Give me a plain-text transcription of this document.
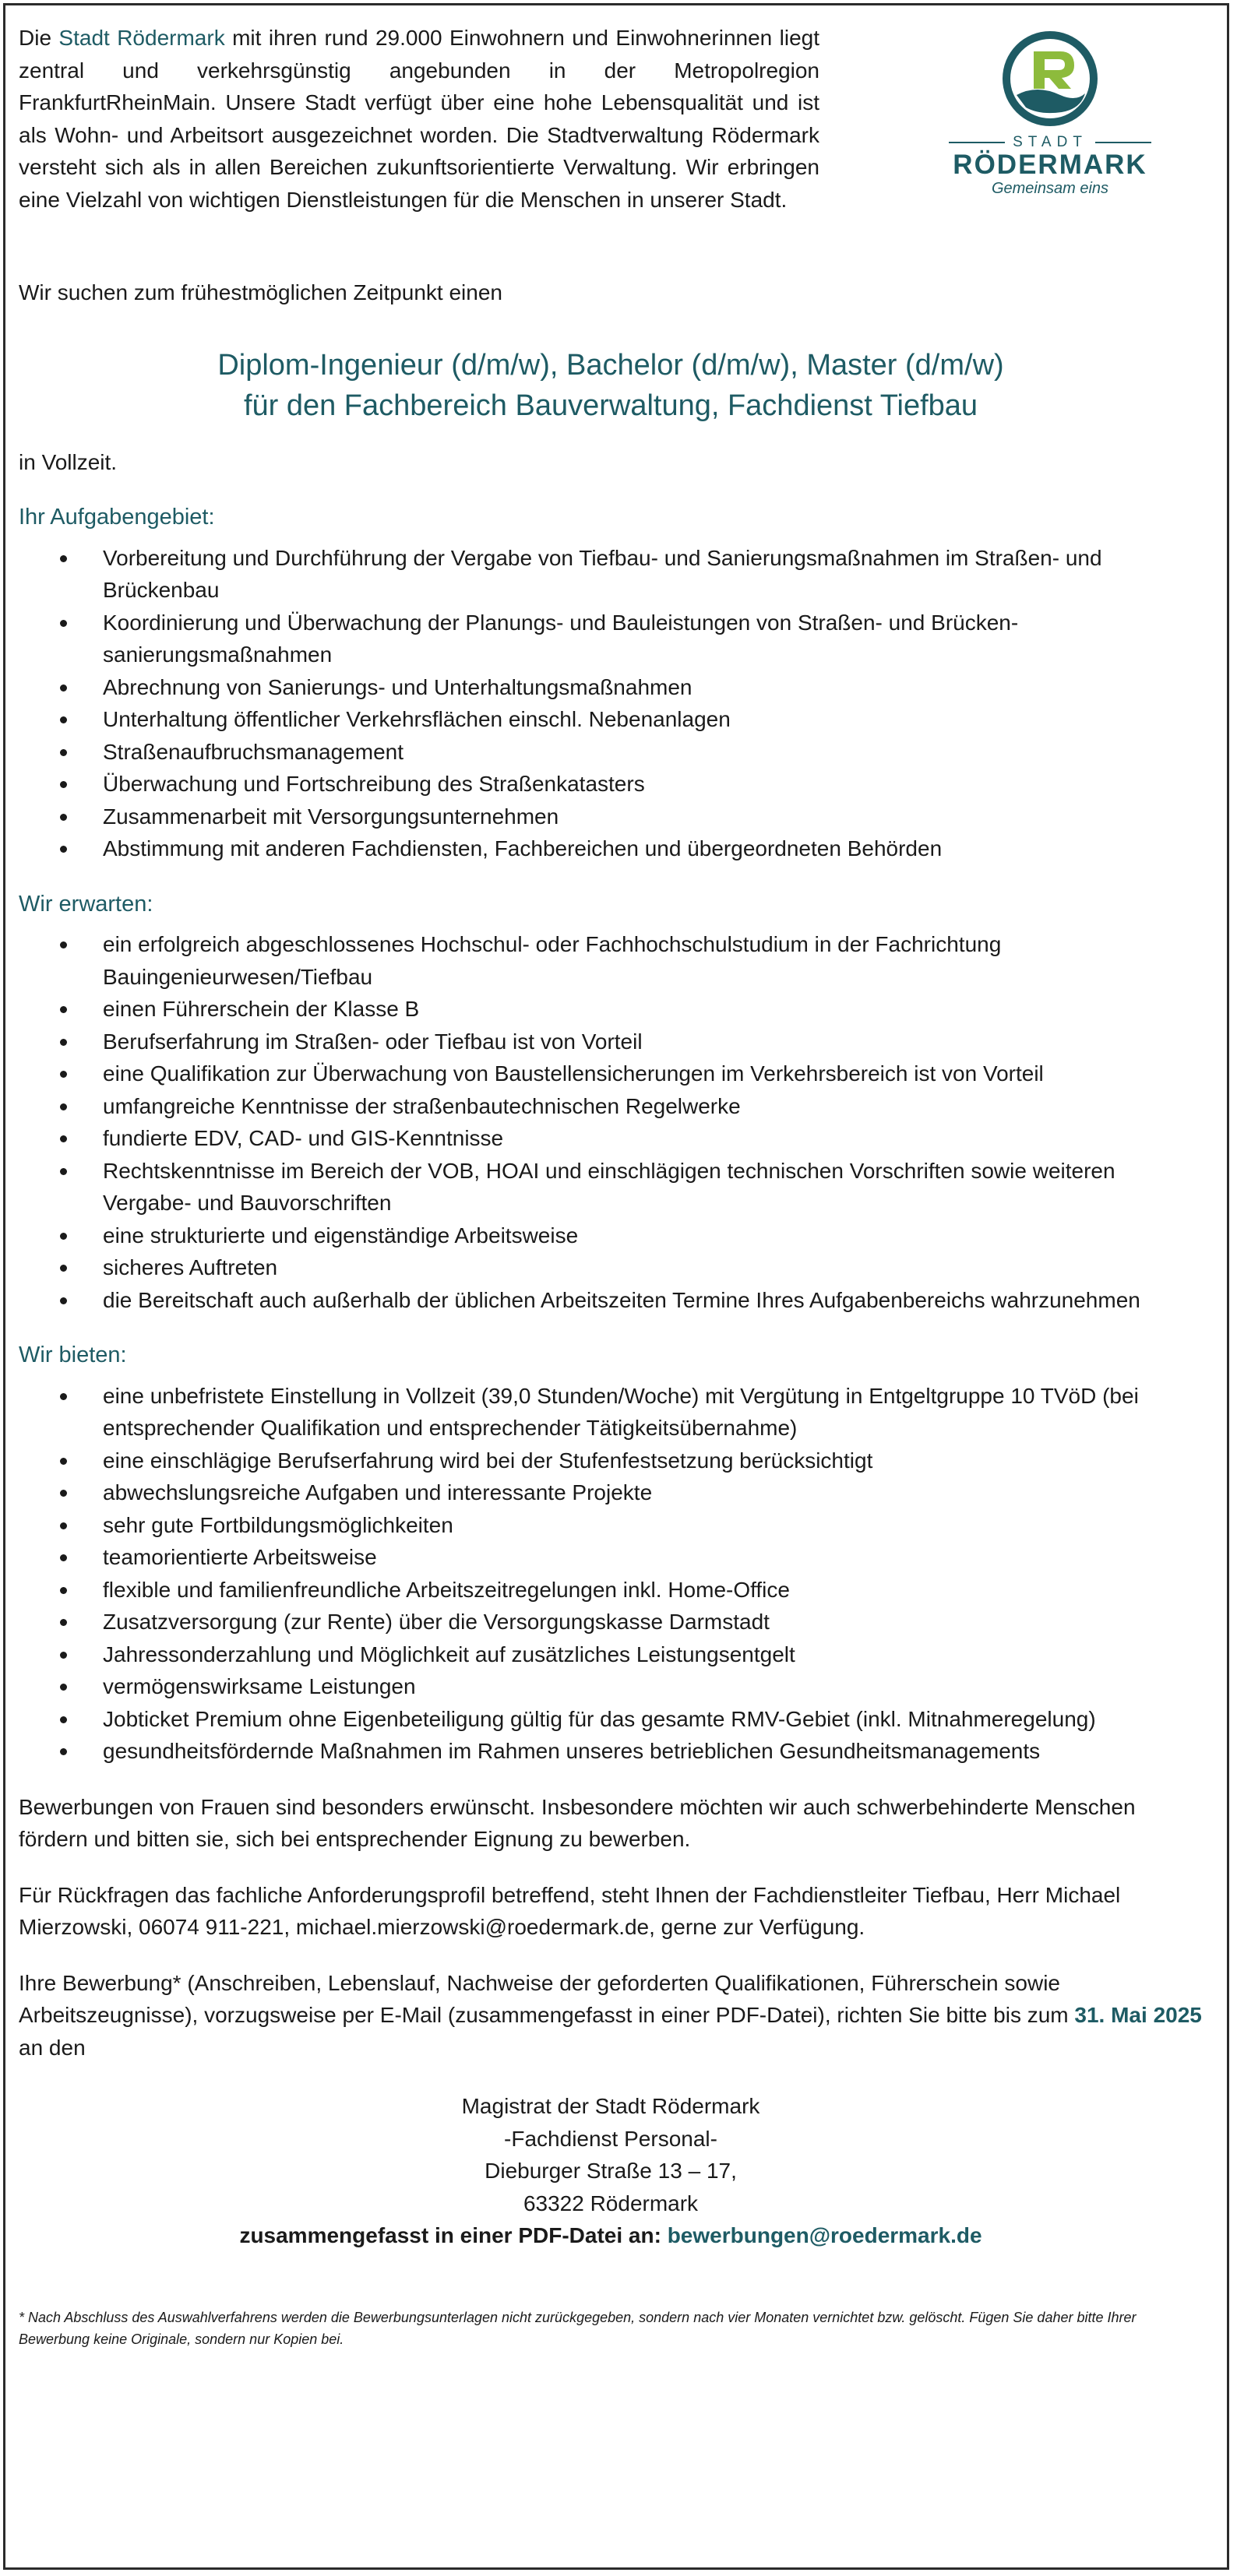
STADT
RÖDERMARK
Gemeinsam eins

Die Stadt Rödermark mit ihren rund 29.000 Einwohnern und Einwohnerinnen liegt zentral und verkehrsgünstig angebunden in der Metropolregion FrankfurtRheinMain. Unsere Stadt verfügt über eine hohe Lebensqualität und ist als Wohn- und Arbeitsort ausgezeichnet worden. Die Stadtverwaltung Rödermark versteht sich als in allen Bereichen zukunftsorientierte Verwaltung. Wir erbringen eine Vielzahl von wichtigen Dienstleistungen für die Menschen in unserer Stadt.

Wir suchen zum frühestmöglichen Zeitpunkt einen
Diplom-Ingenieur (d/m/w), Bachelor (d/m/w), Master (d/m/w)
für den Fachbereich Bauverwaltung, Fachdienst Tiefbau
in Vollzeit.
Ihr Aufgabengebiet:
Vorbereitung und Durchführung der Vergabe von Tiefbau- und Sanierungsmaßnahmen im Straßen- und Brückenbau
Koordinierung und Überwachung der Planungs- und Bauleistungen von Straßen- und Brücken-sanierungsmaßnahmen
Abrechnung von Sanierungs- und Unterhaltungsmaßnahmen
Unterhaltung öffentlicher Verkehrsflächen einschl. Nebenanlagen
Straßenaufbruchsmanagement
Überwachung und Fortschreibung des Straßenkatasters
Zusammenarbeit mit Versorgungsunternehmen
Abstimmung mit anderen Fachdiensten, Fachbereichen und übergeordneten Behörden
Wir erwarten:
ein erfolgreich abgeschlossenes Hochschul- oder Fachhochschulstudium in der Fachrichtung Bauingenieurwesen/Tiefbau
einen Führerschein der Klasse B
Berufserfahrung im Straßen- oder Tiefbau ist von Vorteil
eine Qualifikation zur Überwachung von Baustellensicherungen im Verkehrsbereich ist von Vorteil
umfangreiche Kenntnisse der straßenbautechnischen Regelwerke
fundierte EDV, CAD- und GIS-Kenntnisse
Rechtskenntnisse im Bereich der VOB, HOAI und einschlägigen technischen Vorschriften sowie weiteren Vergabe- und Bauvorschriften
eine strukturierte und eigenständige Arbeitsweise
sicheres Auftreten
die Bereitschaft auch außerhalb der üblichen Arbeitszeiten Termine Ihres Aufgabenbereichs wahrzunehmen
Wir bieten:
eine unbefristete Einstellung in Vollzeit (39,0 Stunden/Woche) mit Vergütung in Entgeltgruppe 10 TVöD (bei entsprechender Qualifikation und entsprechender Tätigkeitsübernahme)
eine einschlägige Berufserfahrung wird bei der Stufenfestsetzung berücksichtigt
abwechslungsreiche Aufgaben und interessante Projekte
sehr gute Fortbildungsmöglichkeiten
teamorientierte Arbeitsweise
flexible und familienfreundliche Arbeitszeitregelungen inkl. Home-Office
Zusatzversorgung (zur Rente) über die Versorgungskasse Darmstadt
Jahressonderzahlung und Möglichkeit auf zusätzliches Leistungsentgelt
vermögenswirksame Leistungen
Jobticket Premium ohne Eigenbeteiligung gültig für das gesamte RMV-Gebiet (inkl. Mitnahmeregelung)
gesundheitsfördernde Maßnahmen im Rahmen unseres betrieblichen Gesundheitsmanagements
Bewerbungen von Frauen sind besonders erwünscht. Insbesondere möchten wir auch schwerbehinderte Menschen fördern und bitten sie, sich bei entsprechender Eignung zu bewerben.
Für Rückfragen das fachliche Anforderungsprofil betreffend, steht Ihnen der Fachdienstleiter Tiefbau, Herr Michael Mierzowski, 06074 911-221, michael.mierzowski@roedermark.de, gerne zur Verfügung.
Ihre Bewerbung* (Anschreiben, Lebenslauf, Nachweise der geforderten Qualifikationen, Führerschein sowie Arbeitszeugnisse), vorzugsweise per E-Mail (zusammengefasst in einer PDF-Datei), richten Sie bitte bis zum 31. Mai 2025 an den
Magistrat der Stadt Rödermark
-Fachdienst Personal-
Dieburger Straße 13 – 17,
63322 Rödermark
zusammengefasst in einer PDF-Datei an: bewerbungen@roedermark.de
* Nach Abschluss des Auswahlverfahrens werden die Bewerbungsunterlagen nicht zurückgegeben, sondern nach vier Monaten vernichtet bzw. gelöscht. Fügen Sie daher bitte Ihrer Bewerbung keine Originale, sondern nur Kopien bei.
